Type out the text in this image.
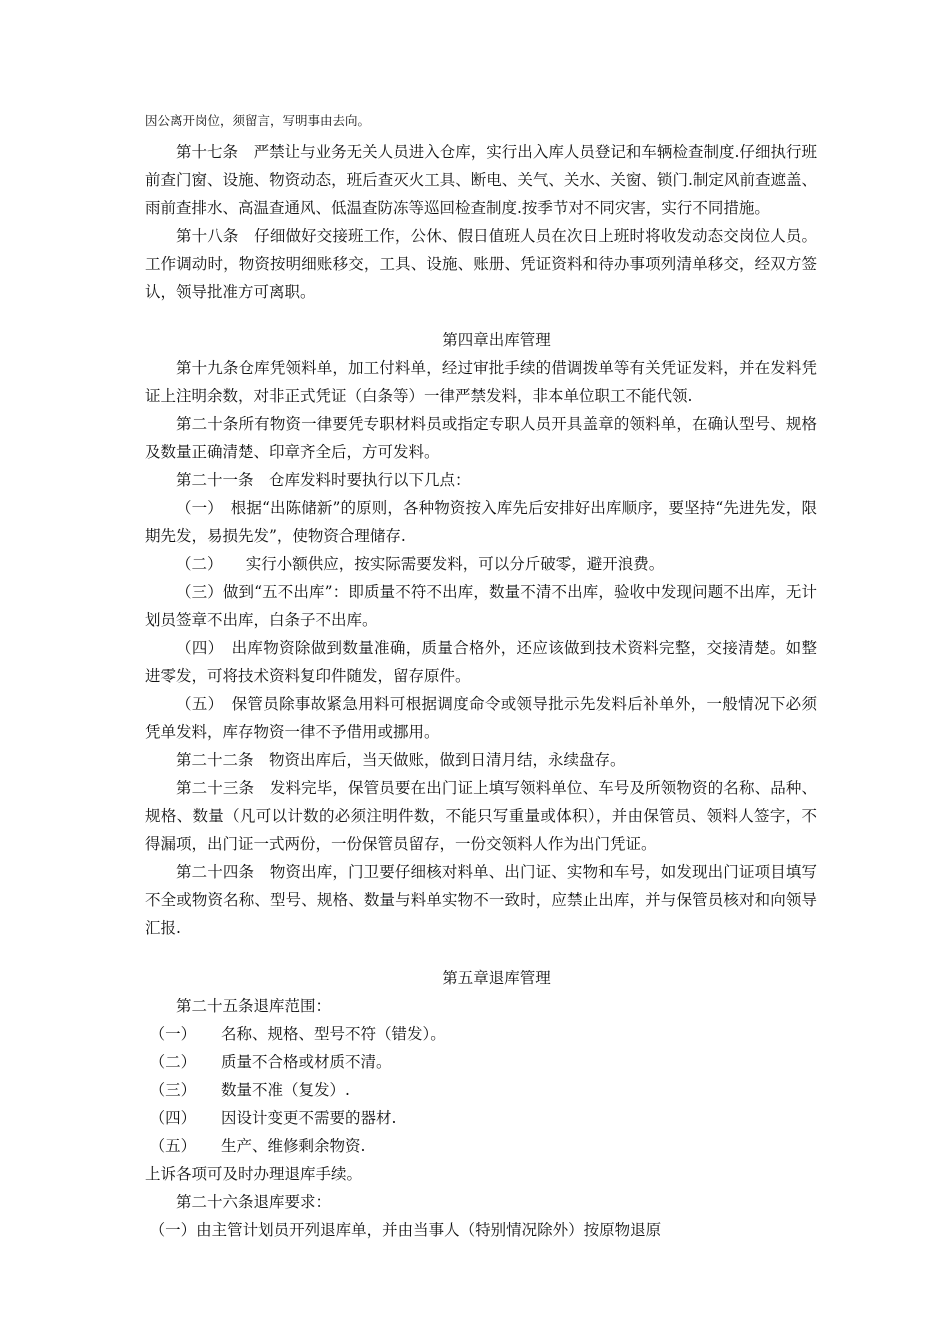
因公离开岗位，须留言，写明事由去向。

第十七条　严禁让与业务无关人员进入仓库，实行出入库人员登记和车辆检查制度.仔细执行班前查门窗、设施、物资动态，班后查灭火工具、断电、关气、关水、关窗、锁门.制定风前查遮盖、雨前查排水、高温查通风、低温查防冻等巡回检查制度.按季节对不同灾害，实行不同措施。

第十八条　仔细做好交接班工作，公休、假日值班人员在次日上班时将收发动态交岗位人员。工作调动时，物资按明细账移交，工具、设施、账册、凭证资料和待办事项列清单移交，经双方签认，领导批准方可离职。

第四章出库管理

第十九条仓库凭领料单，加工付料单，经过审批手续的借调拨单等有关凭证发料，并在发料凭证上注明余数，对非正式凭证（白条等）一律严禁发料，非本单位职工不能代领.

第二十条所有物资一律要凭专职材料员或指定专职人员开具盖章的领料单，在确认型号、规格及数量正确清楚、印章齐全后，方可发料。

第二十一条　仓库发料时要执行以下几点：

（一）　根据“出陈储新”的原则，各种物资按入库先后安排好出库顺序，要坚持“先进先发，限期先发，易损先发”，使物资合理储存.

（二）　　实行小额供应，按实际需要发料，可以分斤破零，避开浪费。

（三）做到“五不出库”：即质量不符不出库，数量不清不出库，验收中发现问题不出库，无计划员签章不出库，白条子不出库。

（四）　出库物资除做到数量准确，质量合格外，还应该做到技术资料完整，交接清楚。如整进零发，可将技术资料复印件随发，留存原件。

（五）　保管员除事故紧急用料可根据调度命令或领导批示先发料后补单外，一般情况下必须凭单发料，库存物资一律不予借用或挪用。

第二十二条　物资出库后，当天做账，做到日清月结，永续盘存。

第二十三条　发料完毕，保管员要在出门证上填写领料单位、车号及所领物资的名称、品种、规格、数量（凡可以计数的必须注明件数，不能只写重量或体积），并由保管员、领料人签字，不得漏项，出门证一式两份，一份保管员留存，一份交领料人作为出门凭证。

第二十四条　物资出库，门卫要仔细核对料单、出门证、实物和车号，如发现出门证项目填写不全或物资名称、型号、规格、数量与料单实物不一致时，应禁止出库，并与保管员核对和向领导汇报.

第五章退库管理

第二十五条退库范围：

（一）	名称、规格、型号不符（错发）。
（二）	质量不合格或材质不清。
（三）	数量不准（复发）.
（四）	因设计变更不需要的器材.
（五）	生产、维修剩余物资.

上诉各项可及时办理退库手续。

第二十六条退库要求：

（一）由主管计划员开列退库单，并由当事人（特别情况除外）按原物退原
